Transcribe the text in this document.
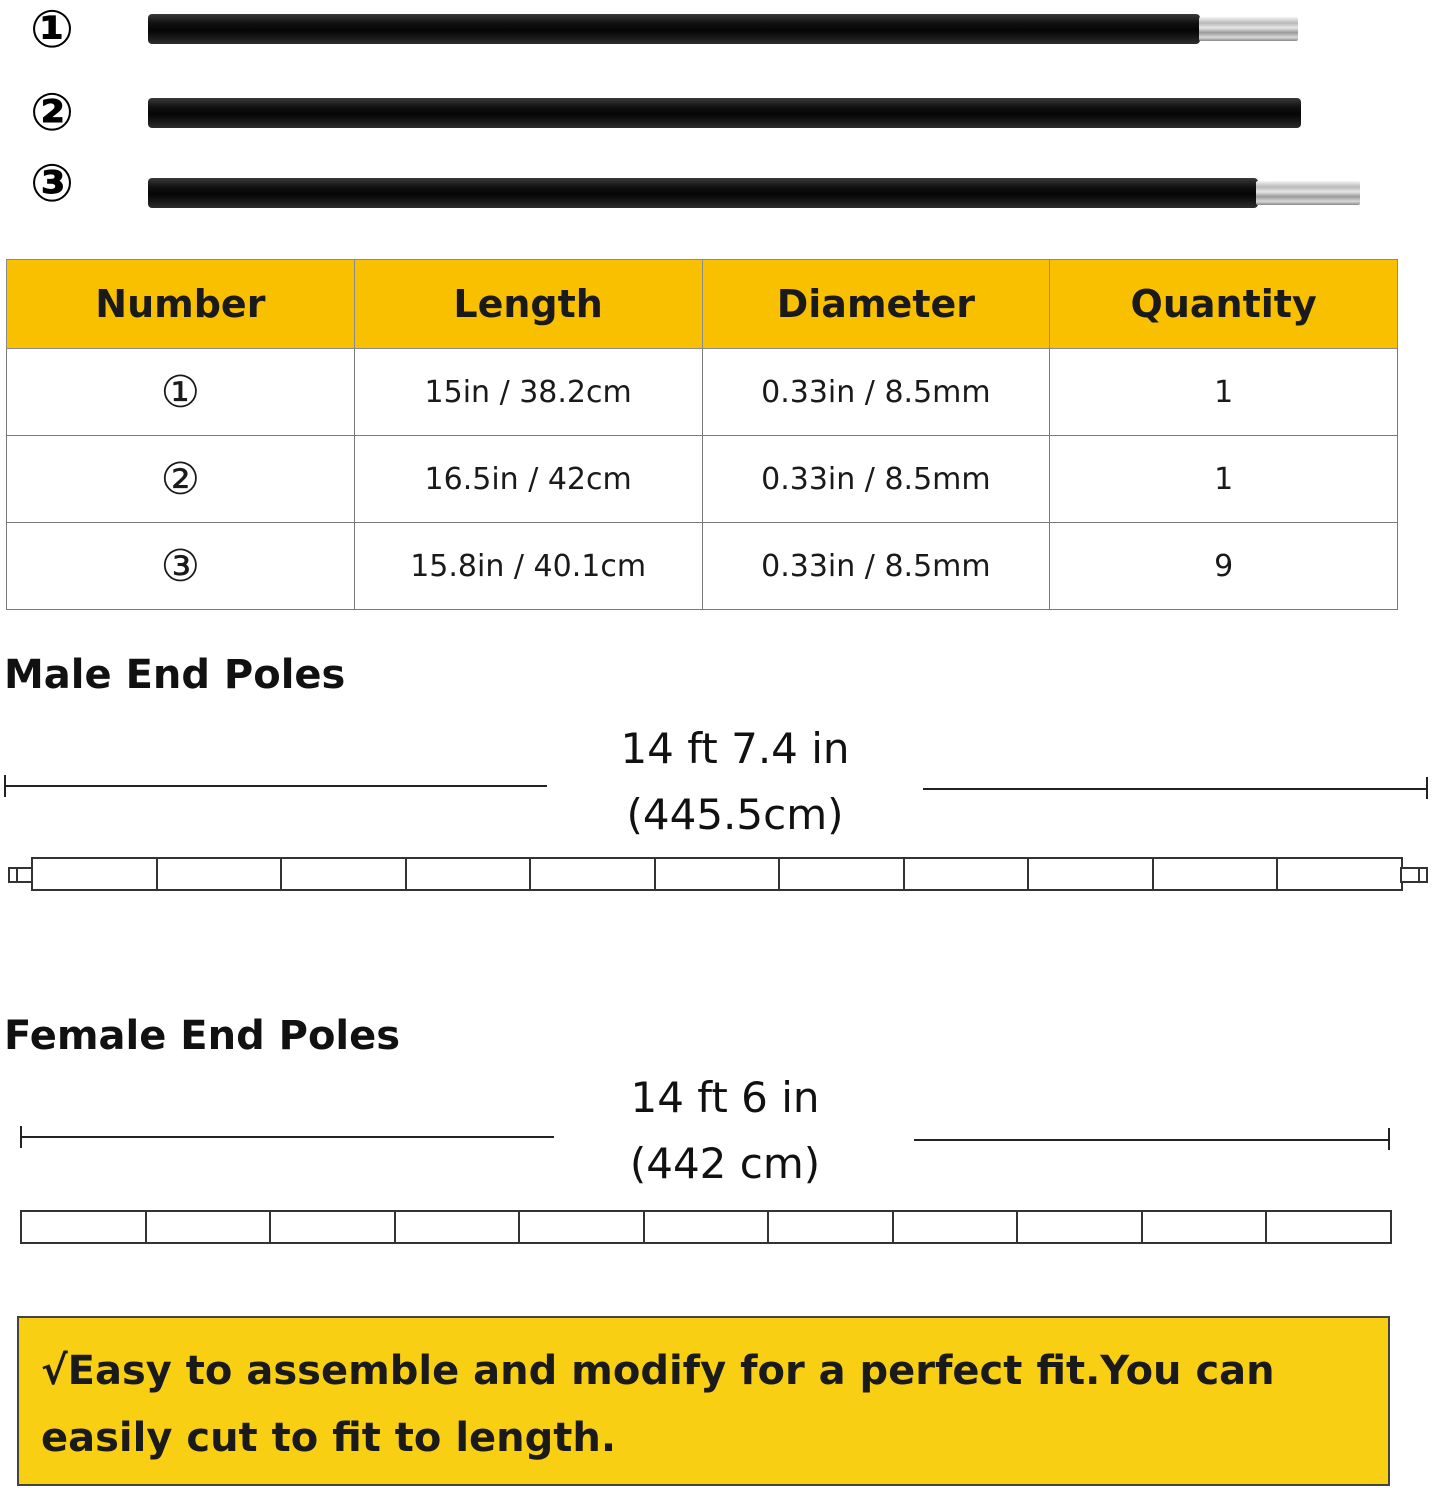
①
②
③
Number	Length	Diameter	Quantity
①	15in / 38.2cm	0.33in / 8.5mm	1
②	16.5in / 42cm	0.33in / 8.5mm	1
③	15.8in / 40.1cm	0.33in / 8.5mm	9
Male End Poles
14 ft 7.4 in
(445.5cm)
Female End Poles
14 ft 6 in
(442 cm)
√Easy to assemble and modify for a perfect fit.You can easily cut to fit to length.
